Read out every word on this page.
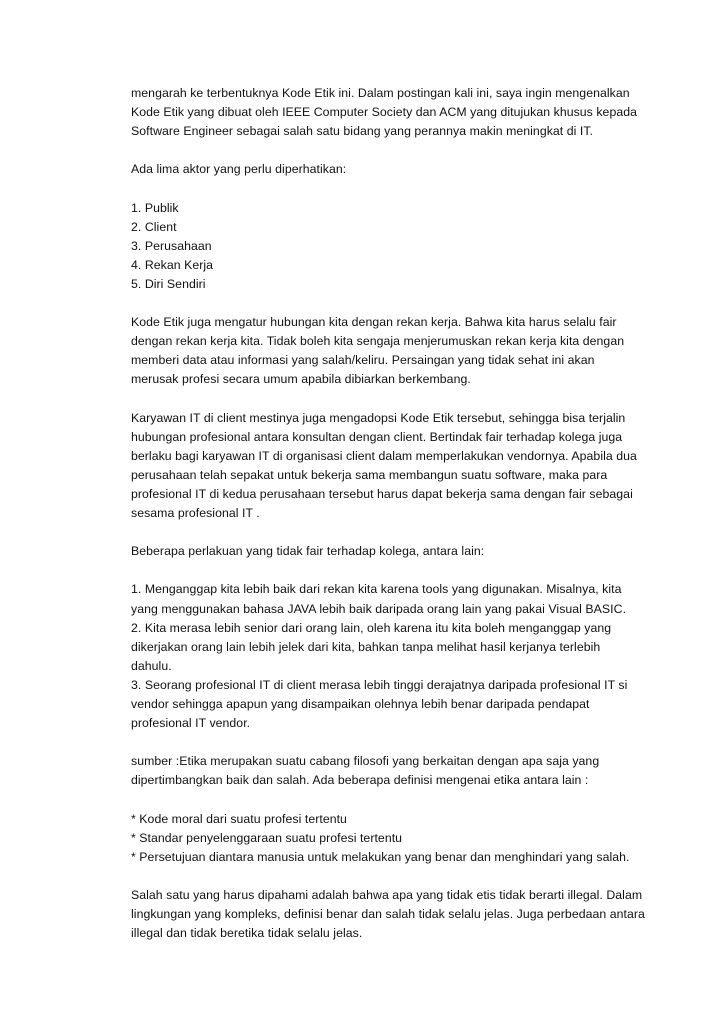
mengarah ke terbentuknya Kode Etik ini. Dalam postingan kali ini, saya ingin mengenalkan
Kode Etik yang dibuat oleh IEEE Computer Society dan ACM yang ditujukan khusus kepada
Software Engineer sebagai salah satu bidang yang perannya makin meningkat di IT.
Ada lima aktor yang perlu diperhatikan:
1. Publik
2. Client
3. Perusahaan
4. Rekan Kerja
5. Diri Sendiri
Kode Etik juga mengatur hubungan kita dengan rekan kerja. Bahwa kita harus selalu fair
dengan rekan kerja kita. Tidak boleh kita sengaja menjerumuskan rekan kerja kita dengan
memberi data atau informasi yang salah/keliru. Persaingan yang tidak sehat ini akan
merusak profesi secara umum apabila dibiarkan berkembang.
Karyawan IT di client mestinya juga mengadopsi Kode Etik tersebut, sehingga bisa terjalin
hubungan profesional antara konsultan dengan client. Bertindak fair terhadap kolega juga
berlaku bagi karyawan IT di organisasi client dalam memperlakukan vendornya. Apabila dua
perusahaan telah sepakat untuk bekerja sama membangun suatu software, maka para
profesional IT di kedua perusahaan tersebut harus dapat bekerja sama dengan fair sebagai
sesama profesional IT .
Beberapa perlakuan yang tidak fair terhadap kolega, antara lain:
1. Menganggap kita lebih baik dari rekan kita karena tools yang digunakan. Misalnya, kita
yang menggunakan bahasa JAVA lebih baik daripada orang lain yang pakai Visual BASIC.
2. Kita merasa lebih senior dari orang lain, oleh karena itu kita boleh menganggap yang
dikerjakan orang lain lebih jelek dari kita, bahkan tanpa melihat hasil kerjanya terlebih
dahulu.
3. Seorang profesional IT di client merasa lebih tinggi derajatnya daripada profesional IT si
vendor sehingga apapun yang disampaikan olehnya lebih benar daripada pendapat
profesional IT vendor.
sumber :Etika merupakan suatu cabang filosofi yang berkaitan dengan apa saja yang
dipertimbangkan baik dan salah. Ada beberapa definisi mengenai etika antara lain :
* Kode moral dari suatu profesi tertentu
* Standar penyelenggaraan suatu profesi tertentu
* Persetujuan diantara manusia untuk melakukan yang benar dan menghindari yang salah.
Salah satu yang harus dipahami adalah bahwa apa yang tidak etis tidak berarti illegal. Dalam
lingkungan yang kompleks, definisi benar dan salah tidak selalu jelas. Juga perbedaan antara
illegal dan tidak beretika tidak selalu jelas.
